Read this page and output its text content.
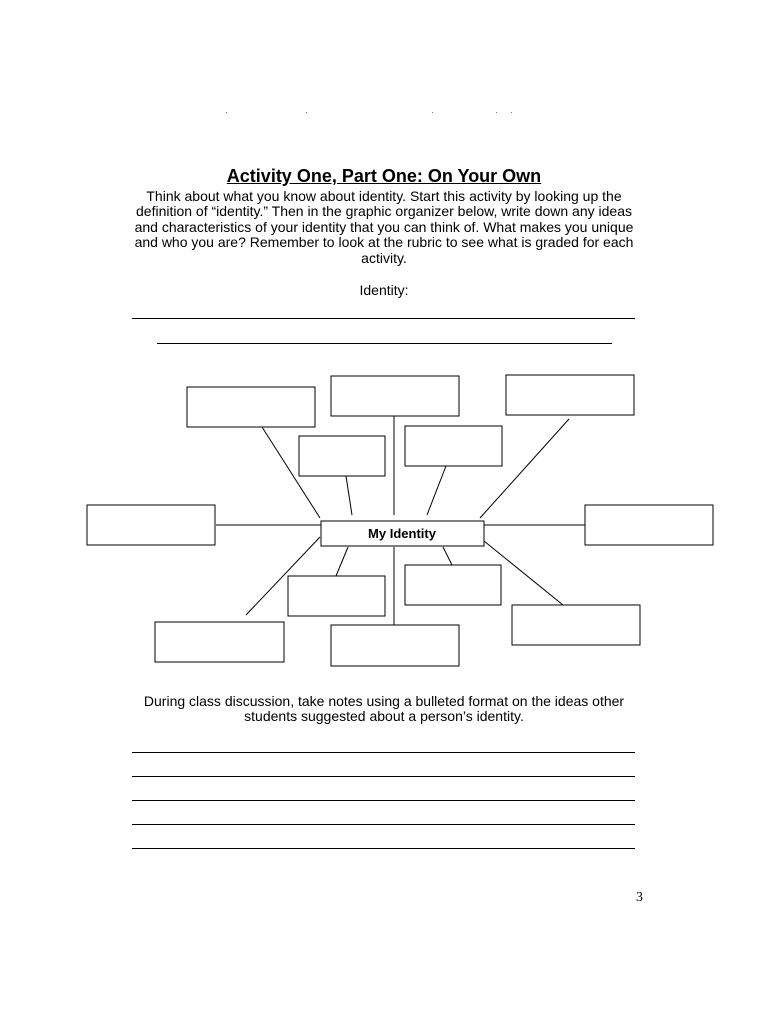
Activity One, Part One: On Your Own
Think about what you know about identity. Start this activity by looking up the definition of “identity.” Then in the graphic organizer below, write down any ideas and characteristics of your identity that you can think of. What makes you unique and who you are? Remember to look at the rubric to see what is graded for each activity.
Identity:
My Identity
During class discussion, take notes using a bulleted format on the ideas other students suggested about a person’s identity.
3
